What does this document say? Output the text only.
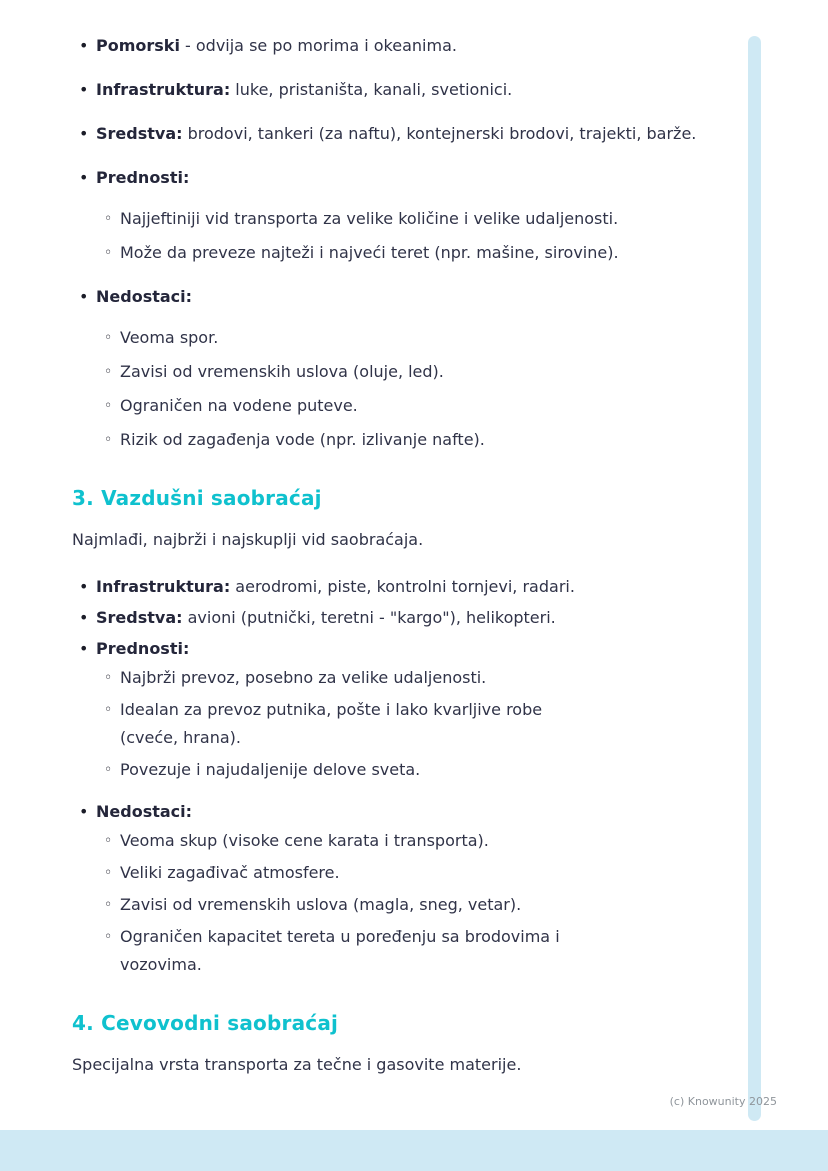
• Pomorski - odvija se po morima i okeanima.
• Infrastruktura: luke, pristaništa, kanali, svetionici.
• Sredstva: brodovi, tankeri (za naftu), kontejnerski brodovi, trajekti, barže.
• Prednosti:
◦ Najjeftiniji vid transporta za velike količine i velike udaljenosti.
◦ Može da preveze najteži i najveći teret (npr. mašine, sirovine).
• Nedostaci:
◦ Veoma spor.
◦ Zavisi od vremenskih uslova (oluje, led).
◦ Ograničen na vodene puteve.
◦ Rizik od zagađenja vode (npr. izlivanje nafte).
3. Vazdušni saobraćaj

Najmlađi, najbrži i najskuplji vid saobraćaja.

• Infrastruktura: aerodromi, piste, kontrolni tornjevi, radari.
• Sredstva: avioni (putnički, teretni - "kargo"), helikopteri.
• Prednosti:
◦ Najbrži prevoz, posebno za velike udaljenosti.
◦ Idealan za prevoz putnika, pošte i lako kvarljive robe (cveće, hrana).
◦ Povezuje i najudaljenije delove sveta.
• Nedostaci:
◦ Veoma skup (visoke cene karata i transporta).
◦ Veliki zagađivač atmosfere.
◦ Zavisi od vremenskih uslova (magla, sneg, vetar).
◦ Ograničen kapacitet tereta u poređenju sa brodovima i vozovima.
4. Cevovodni saobraćaj

Specijalna vrsta transporta za tečne i gasovite materije.

(c) Knowunity 2025
